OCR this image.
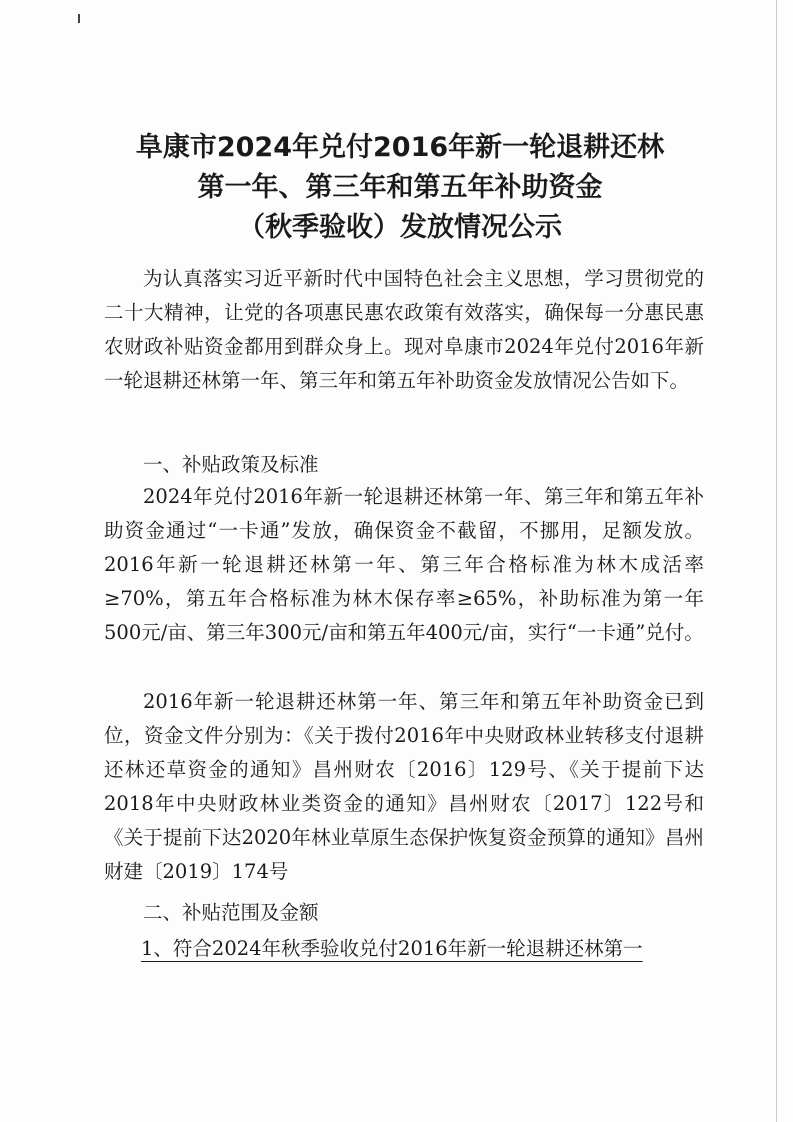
阜康市2024年兑付2016年新一轮退耕还林
第一年、第三年和第五年补助资金
（秋季验收）发放情况公示

为认真落实习近平新时代中国特色社会主义思想，学习贯彻党的二十大精神，让党的各项惠民惠农政策有效落实，确保每一分惠民惠农财政补贴资金都用到群众身上。现对阜康市2024年兑付2016年新一轮退耕还林第一年、第三年和第五年补助资金发放情况公告如下。

一、补贴政策及标准

2024年兑付2016年新一轮退耕还林第一年、第三年和第五年补助资金通过“一卡通”发放，确保资金不截留，不挪用，足额发放。2016年新一轮退耕还林第一年、第三年合格标准为林木成活率≥70%，第五年合格标准为林木保存率≥65%，补助标准为第一年500元/亩、第三年300元/亩和第五年400元/亩，实行“一卡通”兑付。

2016年新一轮退耕还林第一年、第三年和第五年补助资金已到位，资金文件分别为：《关于拨付2016年中央财政林业转移支付退耕还林还草资金的通知》昌州财农〔2016〕129号、《关于提前下达2018年中央财政林业类资金的通知》昌州财农〔2017〕122号和《关于提前下达2020年林业草原生态保护恢复资金预算的通知》昌州财建〔2019〕174号

二、补贴范围及金额
1、符合2024年秋季验收兑付2016年新一轮退耕还林第一
